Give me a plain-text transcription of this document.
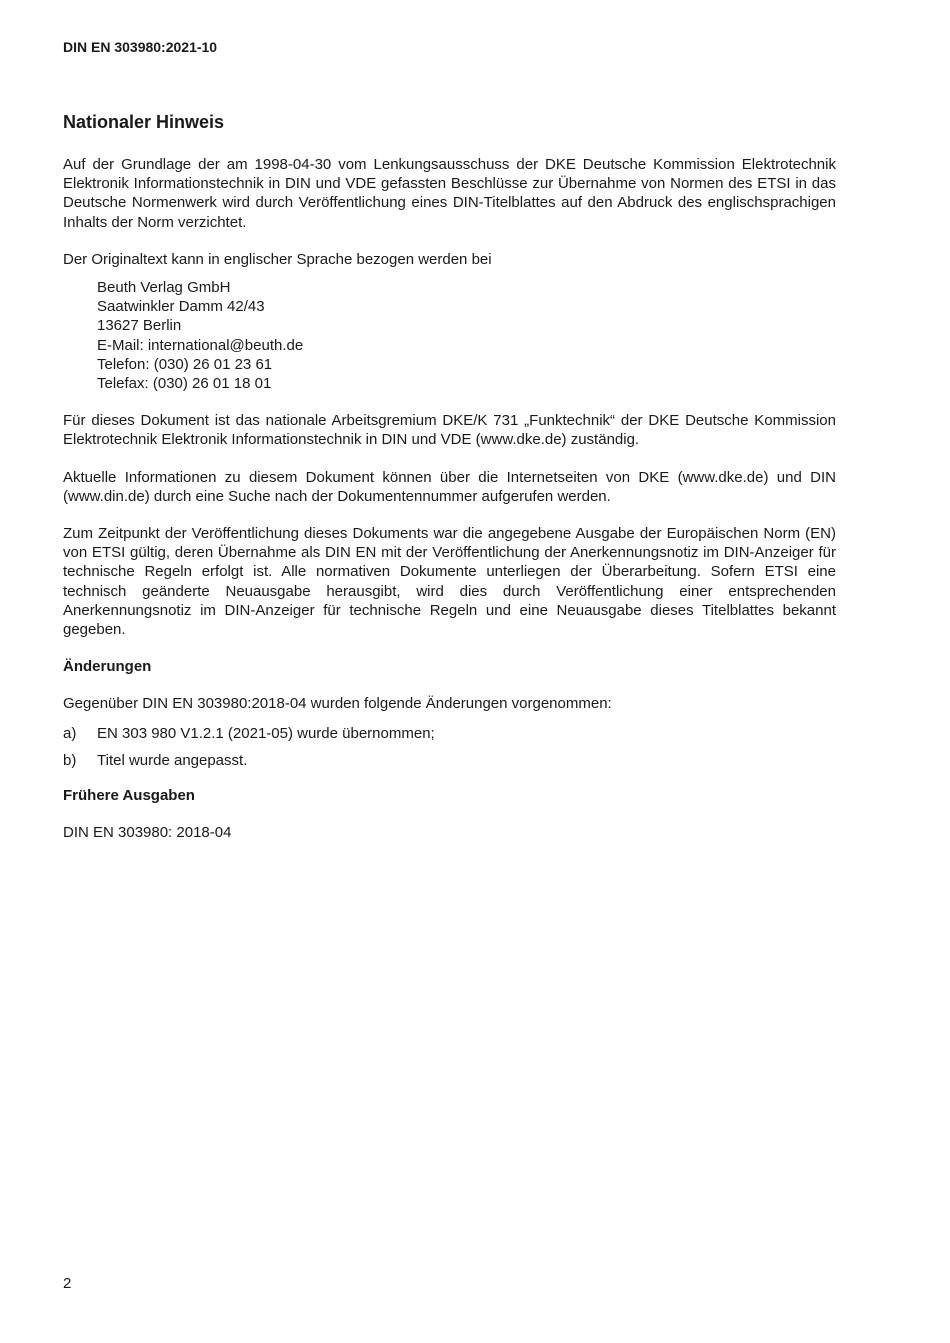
DIN EN 303980:2021-10
Nationaler Hinweis

Auf der Grundlage der am 1998-04-30 vom Lenkungsausschuss der DKE Deutsche Kommission Elektrotechnik Elektronik Informationstechnik in DIN und VDE gefassten Beschlüsse zur Übernahme von Normen des ETSI in das Deutsche Normenwerk wird durch Veröffentlichung eines DIN-Titelblattes auf den Abdruck des englischsprachigen Inhalts der Norm verzichtet.

Der Originaltext kann in englischer Sprache bezogen werden bei

Beuth Verlag GmbH
Saatwinkler Damm 42/43
13627 Berlin
E-Mail: international@beuth.de
Telefon: (030) 26 01 23 61
Telefax: (030) 26 01 18 01

Für dieses Dokument ist das nationale Arbeitsgremium DKE/K 731 „Funktechnik“ der DKE Deutsche Kommission Elektrotechnik Elektronik Informationstechnik in DIN und VDE (www.dke.de) zuständig.

Aktuelle Informationen zu diesem Dokument können über die Internetseiten von DKE (www.dke.de) und DIN (www.din.de) durch eine Suche nach der Dokumentennummer aufgerufen werden.

Zum Zeitpunkt der Veröffentlichung dieses Dokuments war die angegebene Ausgabe der Europäischen Norm (EN) von ETSI gültig, deren Übernahme als DIN EN mit der Veröffentlichung der Anerkennungsnotiz im DIN-Anzeiger für technische Regeln erfolgt ist. Alle normativen Dokumente unterliegen der Überarbeitung. Sofern ETSI eine technisch geänderte Neuausgabe herausgibt, wird dies durch Veröffentlichung einer entsprechenden Anerkennungsnotiz im DIN-Anzeiger für technische Regeln und eine Neuausgabe dieses Titelblattes bekannt gegeben.

Änderungen

Gegenüber DIN EN 303980:2018-04 wurden folgende Änderungen vorgenommen:

a)	EN 303 980 V1.2.1 (2021-05) wurde übernommen;
b)	Titel wurde angepasst.

Frühere Ausgaben

DIN EN 303980: 2018-04

2
